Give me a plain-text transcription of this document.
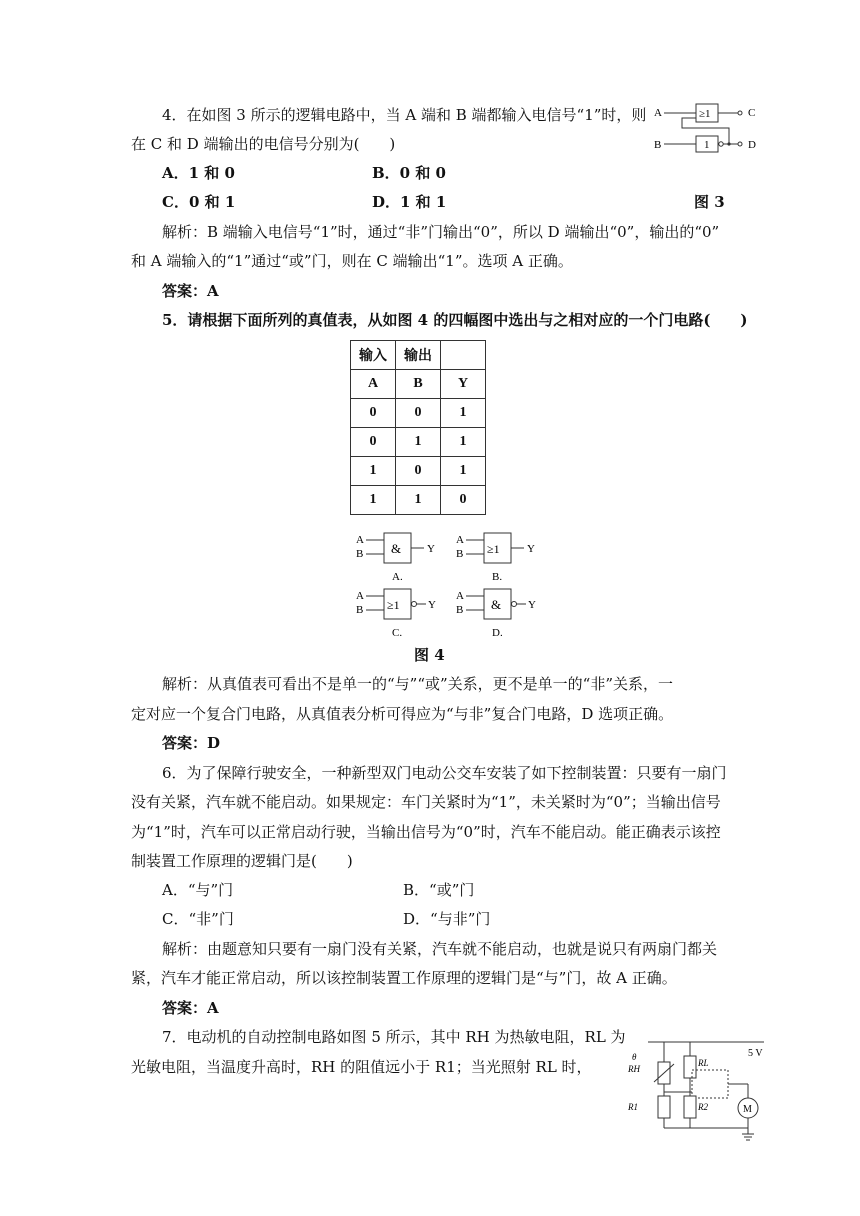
4．在如图 3 所示的逻辑电路中，当 A 端和 B 端都输入电信号“1”时，则
在 C 和 D 端输出的电信号分别为(　　)
A
B
≥1
1
C
D
A．1 和 0	B．0 和 0
C．0 和 1	D．1 和 1	图 3
解析：B 端输入电信号“1”时，通过“非”门输出“0”，所以 D 端输出“0”，输出的“0”
和 A 端输入的“1”通过“或”门，则在 C 端输出“1”。选项 A 正确。
答案：A
5．请根据下面所列的真值表，从如图 4 的四幅图中选出与之相对应的一个门电路(　　)
输入	输出	
A	B	Y
0	0	1
0	1	1
1	0	1
1	1	0
A
B & Y
A.
A
B ≥1 Y
B.
A
B ≥1	Y
C.
A
B & Y
D.
图 4
解析：从真值表可看出不是单一的“与”“或”关系，更不是单一的“非”关系，一
定对应一个复合门电路，从真值表分析可得应为“与非”复合门电路，D 选项正确。
答案：D
6．为了保障行驶安全，一种新型双门电动公交车安装了如下控制装置：只要有一扇门
没有关紧，汽车就不能启动。如果规定：车门关紧时为“1”，未关紧时为“0”；当输出信号
为“1”时，汽车可以正常启动行驶，当输出信号为“0”时，汽车不能启动。能正确表示该控
制装置工作原理的逻辑门是(　　)
A．“与”门	B．“或”门
C．“非”门	D．“与非”门
解析：由题意知只要有一扇门没有关紧，汽车就不能启动，也就是说只有两扇门都关
紧，汽车才能正常启动，所以该控制装置工作原理的逻辑门是“与”门，故 A 正确。
答案：A
7．电动机的自动控制电路如图 5 所示，其中 RH 为热敏电阻，RL 为
光敏电阻，当温度升高时，RH 的阻值远小于 R1；当光照射 RL 时，
5 V
θ
RH
RL
R1	R2	M
